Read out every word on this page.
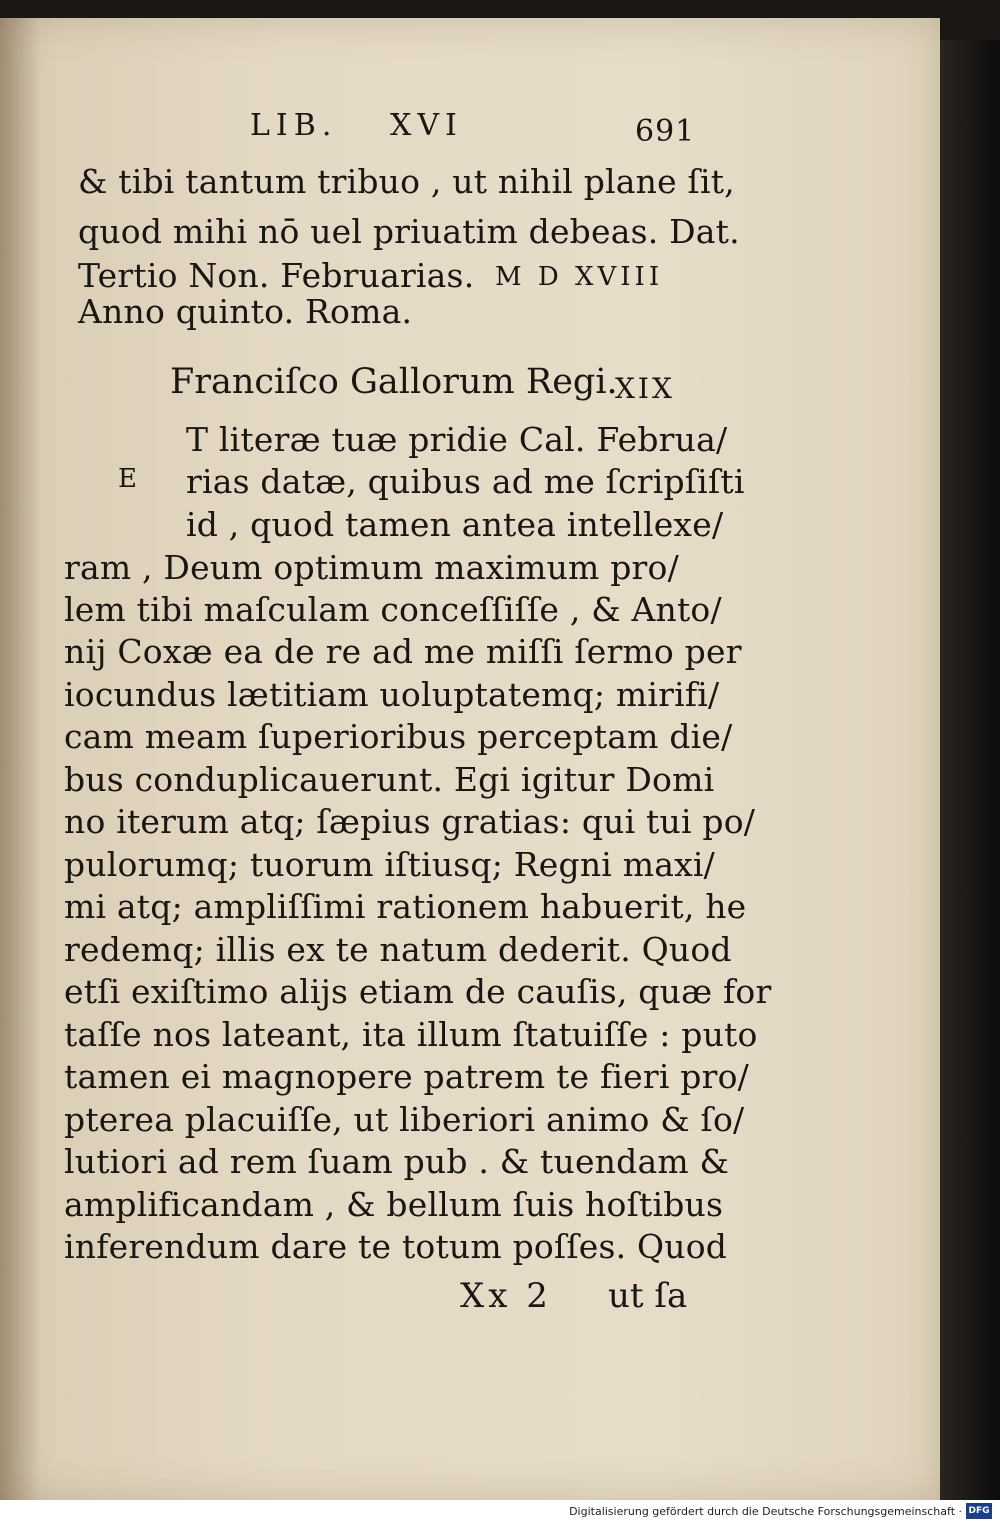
LIB. XVI	691
& tibi tantum tribuo , ut nihil plane ſit,
quod mihi nō uel priuatim debeas. Dat.
Tertio Non. Februarias. M D XVIII
Anno quinto. Roma.
Franciſco Gallorum Regi.
XIX
E
T literæ tuæ pridie Cal. Februa/
rias datæ, quibus ad me ſcripſiſti
id , quod tamen antea intellexe/
ram , Deum optimum maximum pro/
lem tibi maſculam conceſſiſſe , & Anto/
nij Coxæ ea de re ad me miſſi ſermo per
iocundus lætitiam uoluptatemq; mirifi/
cam meam ſuperioribus perceptam die/
bus conduplicauerunt. Egi igitur Domi
no iterum atq; ſæpius gratias: qui tui po/
pulorumq; tuorum iſtiusq; Regni maxi/
mi atq; ampliſſimi rationem habuerit, he
redemq; illis ex te natum dederit. Quod
etſi exiſtimo alijs etiam de cauſis, quæ for
taſſe nos lateant, ita illum ſtatuiſſe : puto
tamen ei magnopere patrem te fieri pro/
pterea placuiſſe, ut liberiori animo & ſo/
lutiori ad rem ſuam pub . & tuendam &
amplificandam , & bellum ſuis hoſtibus
inferendum dare te totum poſſes. Quod
Xx 2 ut ſa
Digitalisierung gefördert durch die Deutsche Forschungsgemeinschaft · DFG
